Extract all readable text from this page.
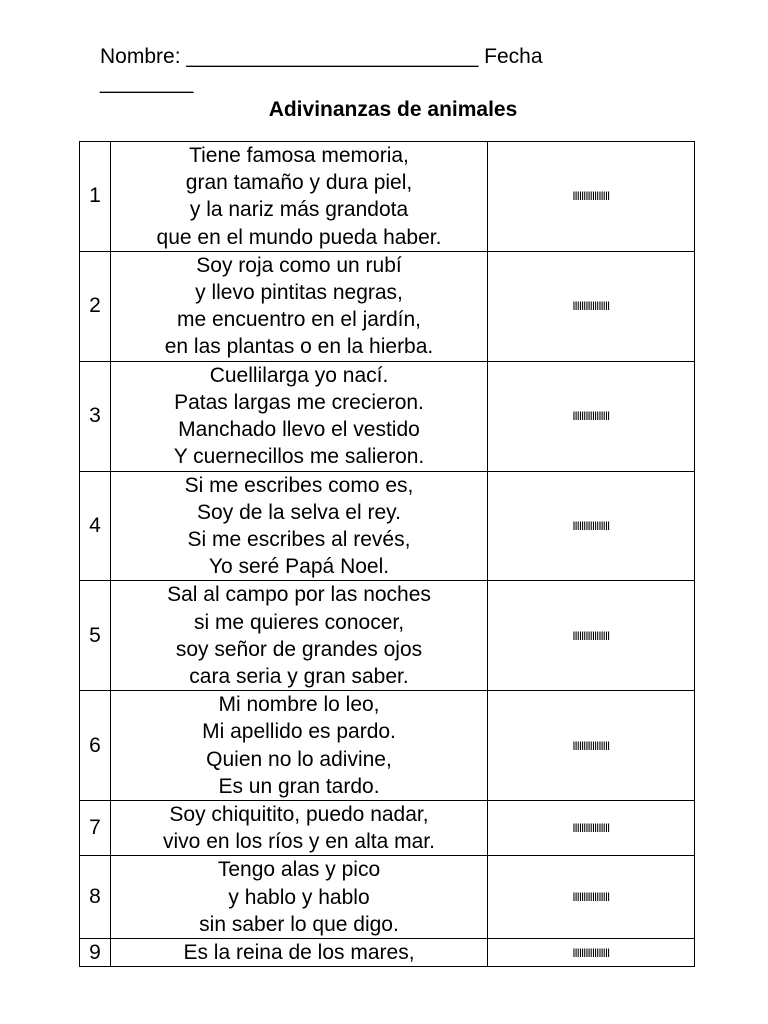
Nombre: _________________________ Fecha
________
Adivinanzas de animales
1	Tiene famosa memoria,
gran tamaño y dura piel,
y la nariz más grandota
que en el mundo pueda haber.	lllllllllllllllll
2	Soy roja como un rubí
y llevo pintitas negras,
me encuentro en el jardín,
en las plantas o en la hierba.	lllllllllllllllll
3	Cuellilarga yo nací.
Patas largas me crecieron.
Manchado llevo el vestido
Y cuernecillos me salieron.	lllllllllllllllll
4	Si me escribes como es,
Soy de la selva el rey.
Si me escribes al revés,
Yo seré Papá Noel.	lllllllllllllllll
5	Sal al campo por las noches
si me quieres conocer,
soy señor de grandes ojos
cara seria y gran saber.	lllllllllllllllll
6	Mi nombre lo leo,
Mi apellido es pardo.
Quien no lo adivine,
Es un gran tardo.	lllllllllllllllll
7	Soy chiquitito, puedo nadar,
vivo en los ríos y en alta mar.	lllllllllllllllll
8	Tengo alas y pico
y hablo y hablo
sin saber lo que digo.	lllllllllllllllll
9	Es la reina de los mares,	lllllllllllllllll
